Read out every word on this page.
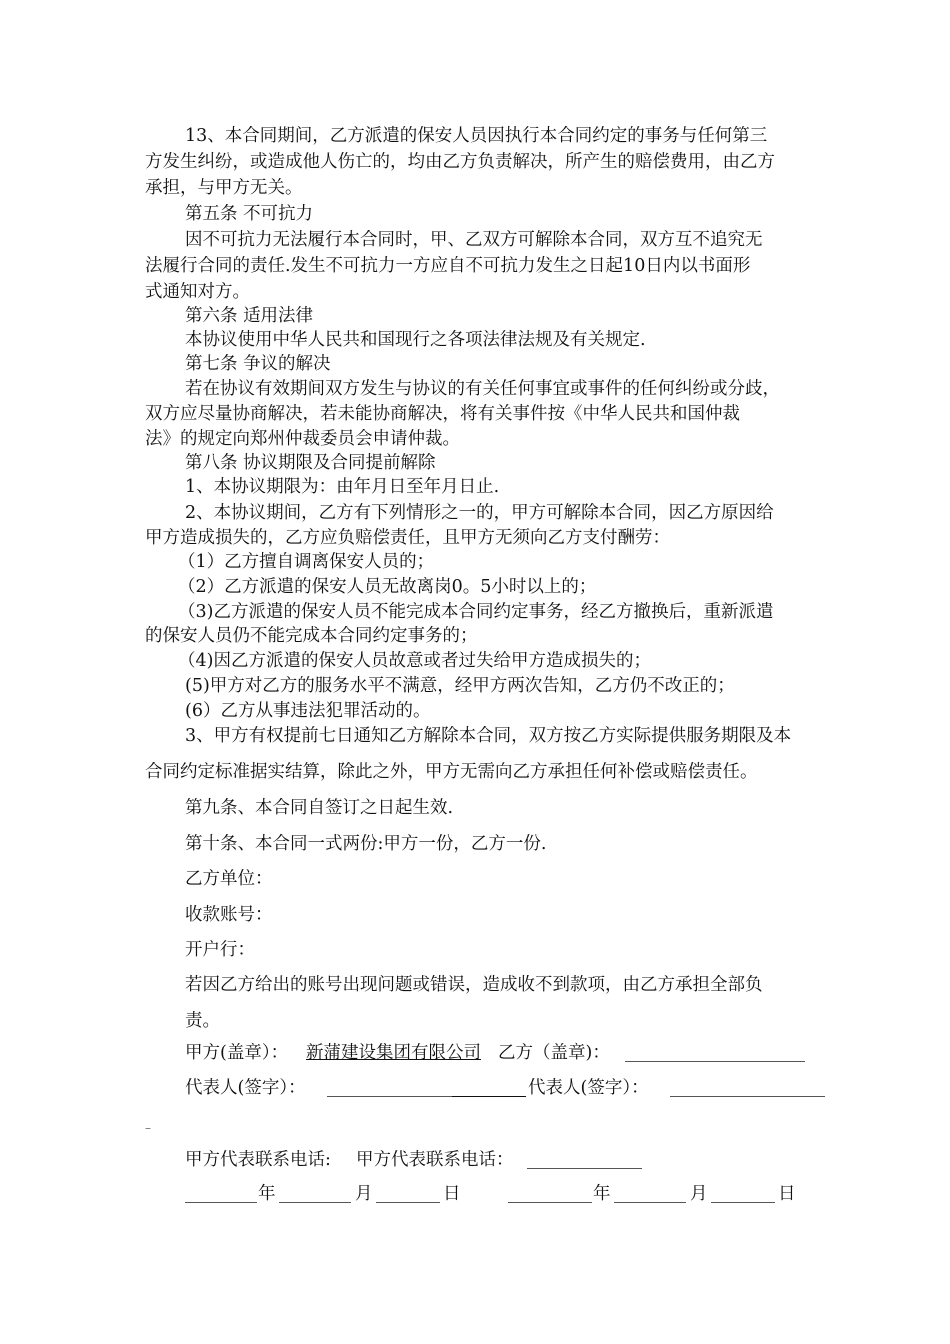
13、本合同期间，乙方派遣的保安人员因执行本合同约定的事务与任何第三
方发生纠纷，或造成他人伤亡的，均由乙方负责解决，所产生的赔偿费用，由乙方
承担，与甲方无关。
第五条 不可抗力
因不可抗力无法履行本合同时，甲、乙双方可解除本合同，双方互不追究无
法履行合同的责任.发生不可抗力一方应自不可抗力发生之日起10日内以书面形
式通知对方。
第六条 适用法律
本协议使用中华人民共和国现行之各项法律法规及有关规定.
第七条 争议的解决
若在协议有效期间双方发生与协议的有关任何事宜或事件的任何纠纷或分歧，
双方应尽量协商解决，若未能协商解决，将有关事件按《中华人民共和国仲裁
法》的规定向郑州仲裁委员会申请仲裁。
第八条 协议期限及合同提前解除
1、本协议期限为：由年月日至年月日止.
2、本协议期间，乙方有下列情形之一的，甲方可解除本合同，因乙方原因给
甲方造成损失的，乙方应负赔偿责任，且甲方无须向乙方支付酬劳：
（1）乙方擅自调离保安人员的；
（2）乙方派遣的保安人员无故离岗0。5小时以上的；
（3)乙方派遣的保安人员不能完成本合同约定事务，经乙方撤换后，重新派遣
的保安人员仍不能完成本合同约定事务的；
（4)因乙方派遣的保安人员故意或者过失给甲方造成损失的；
(5)甲方对乙方的服务水平不满意，经甲方两次告知，乙方仍不改正的；
(6）乙方从事违法犯罪活动的。
3、甲方有权提前七日通知乙方解除本合同，双方按乙方实际提供服务期限及本
合同约定标准据实结算，除此之外，甲方无需向乙方承担任何补偿或赔偿责任。
第九条、本合同自签订之日起生效.
第十条、本合同一式两份:甲方一份，乙方一份.
乙方单位：
收款账号：
开户行：
若因乙方给出的账号出现问题或错误，造成收不到款项，由乙方承担全部负
责。
甲方(盖章）： 新蒲建设集团有限公司 乙方（盖章)：
代表人(签字）：	代表人(签字）：
–
甲方代表联系电话: 甲方代表联系电话：
年	月	日	年	月	日
